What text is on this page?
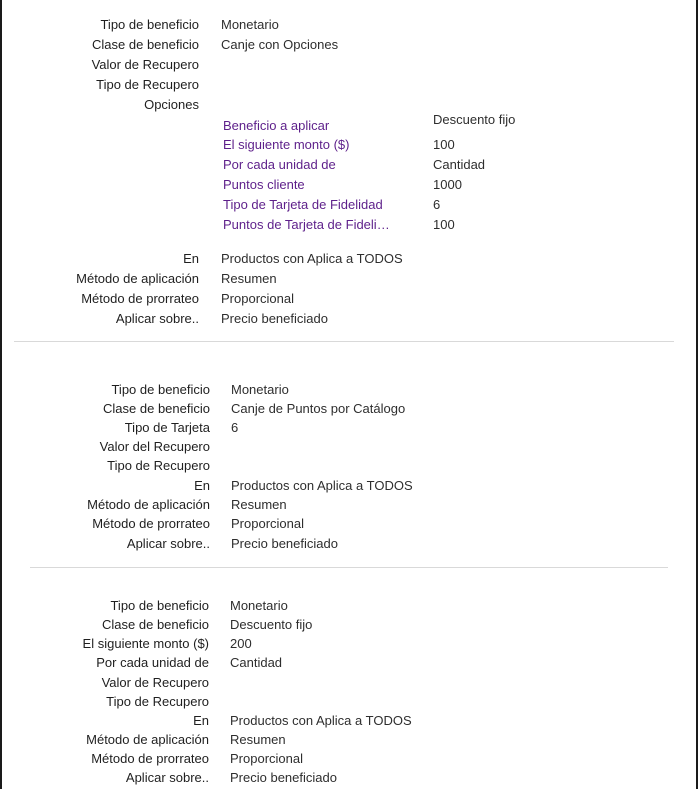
Tipo de beneficio Monetario
Clase de beneficio Canje con Opciones
Valor de Recupero
Tipo de Recupero
Opciones
Beneficio a aplicar	Descuento fijo
El siguiente monto ($)	100
Por cada unidad de	Cantidad
Puntos cliente	1000
Tipo de Tarjeta de Fidelidad	6
Puntos de Tarjeta de Fideli…	100
En Productos con Aplica a TODOS
Método de aplicación Resumen
Método de prorrateo Proporcional
Aplicar sobre.. Precio beneficiado
Tipo de beneficio Monetario
Clase de beneficio Canje de Puntos por Catálogo
Tipo de Tarjeta 6
Valor del Recupero
Tipo de Recupero
En Productos con Aplica a TODOS
Método de aplicación Resumen
Método de prorrateo Proporcional
Aplicar sobre.. Precio beneficiado
Tipo de beneficio Monetario
Clase de beneficio Descuento fijo
El siguiente monto ($) 200
Por cada unidad de Cantidad
Valor de Recupero
Tipo de Recupero
En Productos con Aplica a TODOS
Método de aplicación Resumen
Método de prorrateo Proporcional
Aplicar sobre.. Precio beneficiado
